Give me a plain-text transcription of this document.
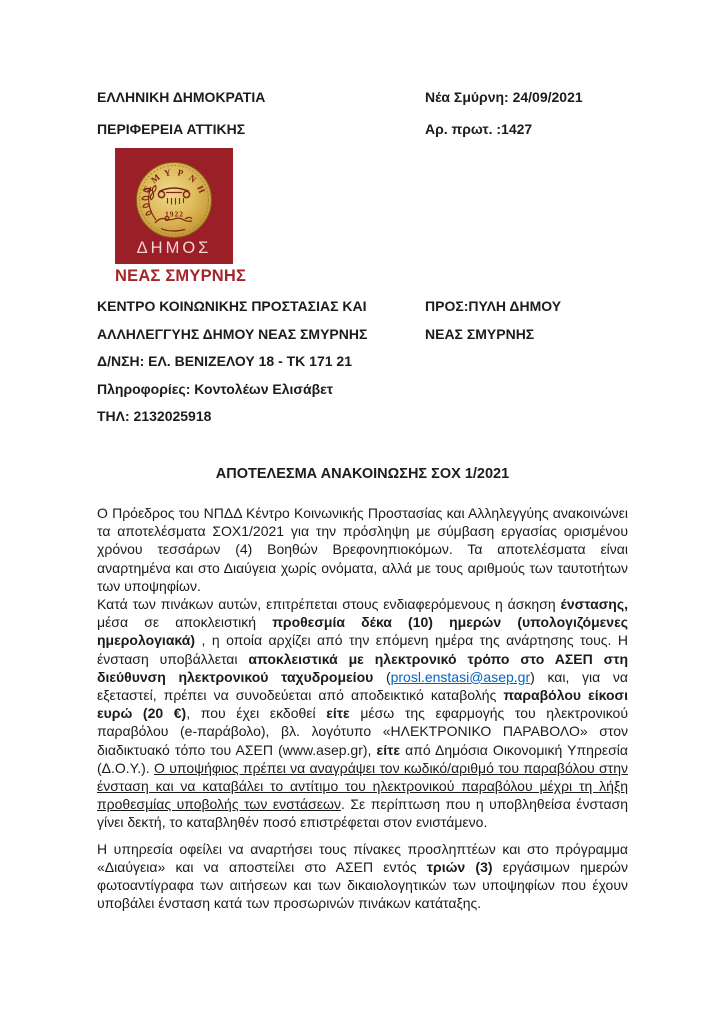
ΕΛΛΗΝΙΚΗ ΔΗΜΟΚΡΑΤΙΑ
ΠΕΡΙΦΕΡΕΙΑ ΑΤΤΙΚΗΣ
Νέα Σμύρνη: 24/09/2021
Αρ. πρωτ. :1427
Σ
Μ Υ Ρ Ν
Η
1922
ΔΗΜΟΣ
ΝΕΑΣ ΣΜΥΡΝΗΣ
ΚΕΝΤΡΟ ΚΟΙΝΩΝΙΚΗΣ ΠΡΟΣΤΑΣΙΑΣ ΚΑΙ
ΑΛΛΗΛΕΓΓΥΗΣ ΔΗΜΟΥ ΝΕΑΣ ΣΜΥΡΝΗΣ
Δ/ΝΣΗ: ΕΛ. ΒΕΝΙΖΕΛΟΥ 18 - ΤΚ 171 21
Πληροφορίες: Κοντολέων Ελισάβετ
ΤΗΛ: 2132025918
ΠΡΟΣ:ΠΥΛΗ ΔΗΜΟΥ
ΝΕΑΣ ΣΜΥΡΝΗΣ
ΑΠΟΤΕΛΕΣΜΑ ΑΝΑΚΟΙΝΩΣΗΣ ΣΟΧ 1/2021

Ο Πρόεδρος του ΝΠΔΔ Κέντρο Κοινωνικής Προστασίας και Αλληλεγγύης ανακοινώνει τα αποτελέσματα ΣΟΧ1/2021 για την πρόσληψη με σύμβαση εργασίας ορισμένου χρόνου τεσσάρων (4) Βοηθών Βρεφονηπιοκόμων. Τα αποτελέσματα είναι αναρτημένα και στο Διαύγεια χωρίς ονόματα, αλλά με τους αριθμούς των ταυτοτήτων των υποψηφίων.
Κατά των πινάκων αυτών, επιτρέπεται στους ενδιαφερόμενους η άσκηση ένστασης, μέσα σε αποκλειστική προθεσμία δέκα (10) ημερών (υπολογιζόμενες ημερολογιακά) , η οποία αρχίζει από την επόμενη ημέρα της ανάρτησης τους. Η ένσταση υποβάλλεται αποκλειστικά με ηλεκτρονικό τρόπο στο ΑΣΕΠ στη διεύθυνση ηλεκτρονικού ταχυδρομείου (prosl.enstasi@asep.gr) και, για να εξεταστεί, πρέπει να συνοδεύεται από αποδεικτικό καταβολής παραβόλου είκοσι ευρώ (20 €), που έχει εκδοθεί είτε μέσω της εφαρμογής του ηλεκτρονικού παραβόλου (e-παράβολο), βλ. λογότυπο «ΗΛΕΚΤΡΟΝΙΚΟ ΠΑΡΑΒΟΛΟ» στον διαδικτυακό τόπο του ΑΣΕΠ (www.asep.gr), είτε από Δημόσια Οικονομική Υπηρεσία (Δ.Ο.Υ.). Ο υποψήφιος πρέπει να αναγράψει τον κωδικό/αριθμό του παραβόλου στην ένσταση και να καταβάλει το αντίτιμο του ηλεκτρονικού παραβόλου μέχρι τη λήξη προθεσμίας υποβολής των ενστάσεων. Σε περίπτωση που η υποβληθείσα ένσταση γίνει δεκτή, το καταβληθέν ποσό επιστρέφεται στον ενιστάμενο.

Η υπηρεσία οφείλει να αναρτήσει τους πίνακες προσληπτέων και στο πρόγραμμα «Διαύγεια» και να αποστείλει στο ΑΣΕΠ εντός τριών (3) εργάσιμων ημερών φωτοαντίγραφα των αιτήσεων και των δικαιολογητικών των υποψηφίων που έχουν υποβάλει ένσταση κατά των προσωρινών πινάκων κατάταξης.
